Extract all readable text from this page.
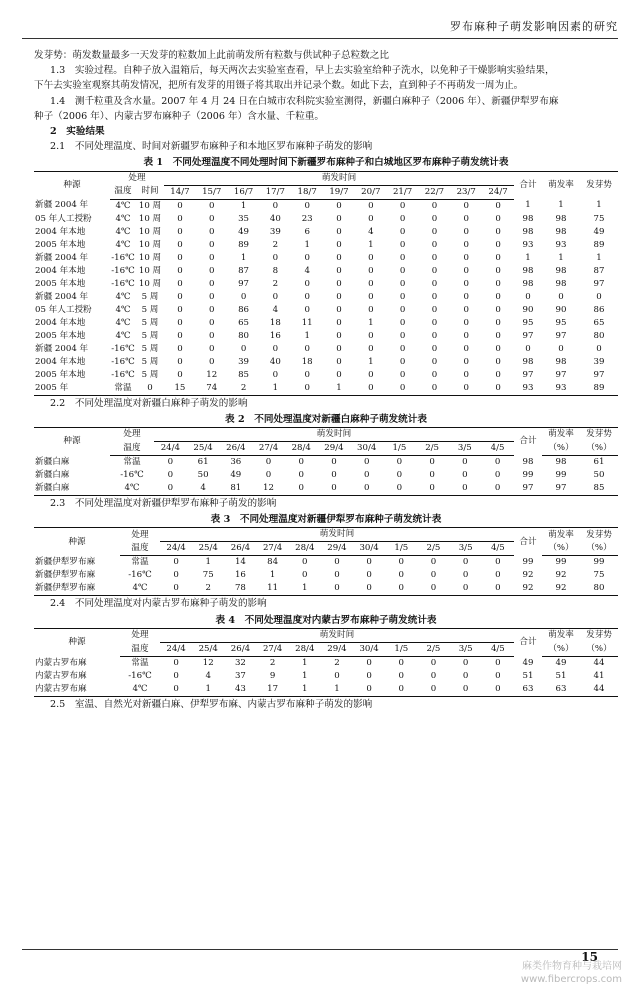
罗布麻种子萌发影响因素的研究

发芽势：萌发数量最多一天发芽的粒数加上此前萌发所有粒数与供试种子总粒数之比

1.3　实验过程。自种子放入温箱后，每天两次去实验室查看，早上去实验室给种子洗水，以免种子干燥影响实验结果，

下午去实验室观察其萌发情况，把所有发芽的用镊子将其取出并记录个数。如此下去，直到种子不再萌发一周为止。

1.4　测千粒重及含水量。2007 年 4 月 24 日在白城市农科院实验室测得，新疆白麻种子（2006 年）、新疆伊犁罗布麻

种子（2006 年）、内蒙古罗布麻种子（2006 年）含水量、千粒重。

2　实验结果

2.1　不同处理温度、时间对新疆罗布麻种子和本地区罗布麻种子萌发的影响

表 1　不同处理温度不同处理时间下新疆罗布麻种子和白城地区罗布麻种子萌发统计表

种源	处理		萌发时间											合计	萌发率	发芽势
	温度	时间	14/7	15/7	16/7	17/7	18/7	19/7	20/7	21/7	22/7	23/7	24/7			
新疆 2004 年	4℃	10 周	0	0	1	0	0	0	0	0	0	0	0	1	1	1
05 年人工授粉	4℃	10 周	0	0	35	40	23	0	0	0	0	0	0	98	98	75
2004 年本地	4℃	10 周	0	0	49	39	6	0	4	0	0	0	0	98	98	49
2005 年本地	4℃	10 周	0	0	89	2	1	0	1	0	0	0	0	93	93	89
新疆 2004 年	-16℃	10 周	0	0	1	0	0	0	0	0	0	0	0	1	1	1
2004 年本地	-16℃	10 周	0	0	87	8	4	0	0	0	0	0	0	98	98	87
2005 年本地	-16℃	10 周	0	0	97	2	0	0	0	0	0	0	0	98	98	97
新疆 2004 年	4℃	5 周	0	0	0	0	0	0	0	0	0	0	0	0	0	0
05 年人工授粉	4℃	5 周	0	0	86	4	0	0	0	0	0	0	0	90	90	86
2004 年本地	4℃	5 周	0	0	65	18	11	0	1	0	0	0	0	95	95	65
2005 年本地	4℃	5 周	0	0	80	16	1	0	0	0	0	0	0	97	97	80
新疆 2004 年	-16℃	5 周	0	0	0	0	0	0	0	0	0	0	0	0	0	0
2004 年本地	-16℃	5 周	0	0	39	40	18	0	1	0	0	0	0	98	98	39
2005 年本地	-16℃	5 周	0	12	85	0	0	0	0	0	0	0	0	97	97	97
2005 年	常温	0	15	74	2	1	0	1	0	0	0	0	0	93	93	89

2.2　不同处理温度对新疆白麻种子萌发的影响

表 2　不同处理温度对新疆白麻种子萌发统计表

种源	处理	萌发时间											合计	萌发率	发芽势
	温度	24/4	25/4	26/4	27/4	28/4	29/4	30/4	1/5	2/5	3/5	4/5		（%）	（%）
新疆白麻	常温	0	61	36	0	0	0	0	0	0	0	0	98	98	61
新疆白麻	-16℃	0	50	49	0	0	0	0	0	0	0	0	99	99	50
新疆白麻	4℃	0	4	81	12	0	0	0	0	0	0	0	97	97	85

2.3　不同处理温度对新疆伊犁罗布麻种子萌发的影响

表 3　不同处理温度对新疆伊犁罗布麻种子萌发统计表

种源	处理	萌发时间											合计	萌发率	发芽势
	温度	24/4	25/4	26/4	27/4	28/4	29/4	30/4	1/5	2/5	3/5	4/5		（%）	（%）
新疆伊犁罗布麻	常温	0	1	14	84	0	0	0	0	0	0	0	99	99	99
新疆伊犁罗布麻	-16℃	0	75	16	1	0	0	0	0	0	0	0	92	92	75
新疆伊犁罗布麻	4℃	0	2	78	11	1	0	0	0	0	0	0	92	92	80

2.4　不同处理温度对内蒙古罗布麻种子萌发的影响

表 4　不同处理温度对内蒙古罗布麻种子萌发统计表

种源	处理	萌发时间											合计	萌发率	发芽势
	温度	24/4	25/4	26/4	27/4	28/4	29/4	30/4	1/5	2/5	3/5	4/5		（%）	（%）
内蒙古罗布麻	常温	0	12	32	2	1	2	0	0	0	0	0	49	49	44
内蒙古罗布麻	-16℃	0	4	37	9	1	0	0	0	0	0	0	51	51	41
内蒙古罗布麻	4℃	0	1	43	17	1	1	0	0	0	0	0	63	63	44

2.5　室温、自然光对新疆白麻、伊犁罗布麻、内蒙古罗布麻种子萌发的影响

15
麻类作物育种与栽培网
www.fibercrops.com
